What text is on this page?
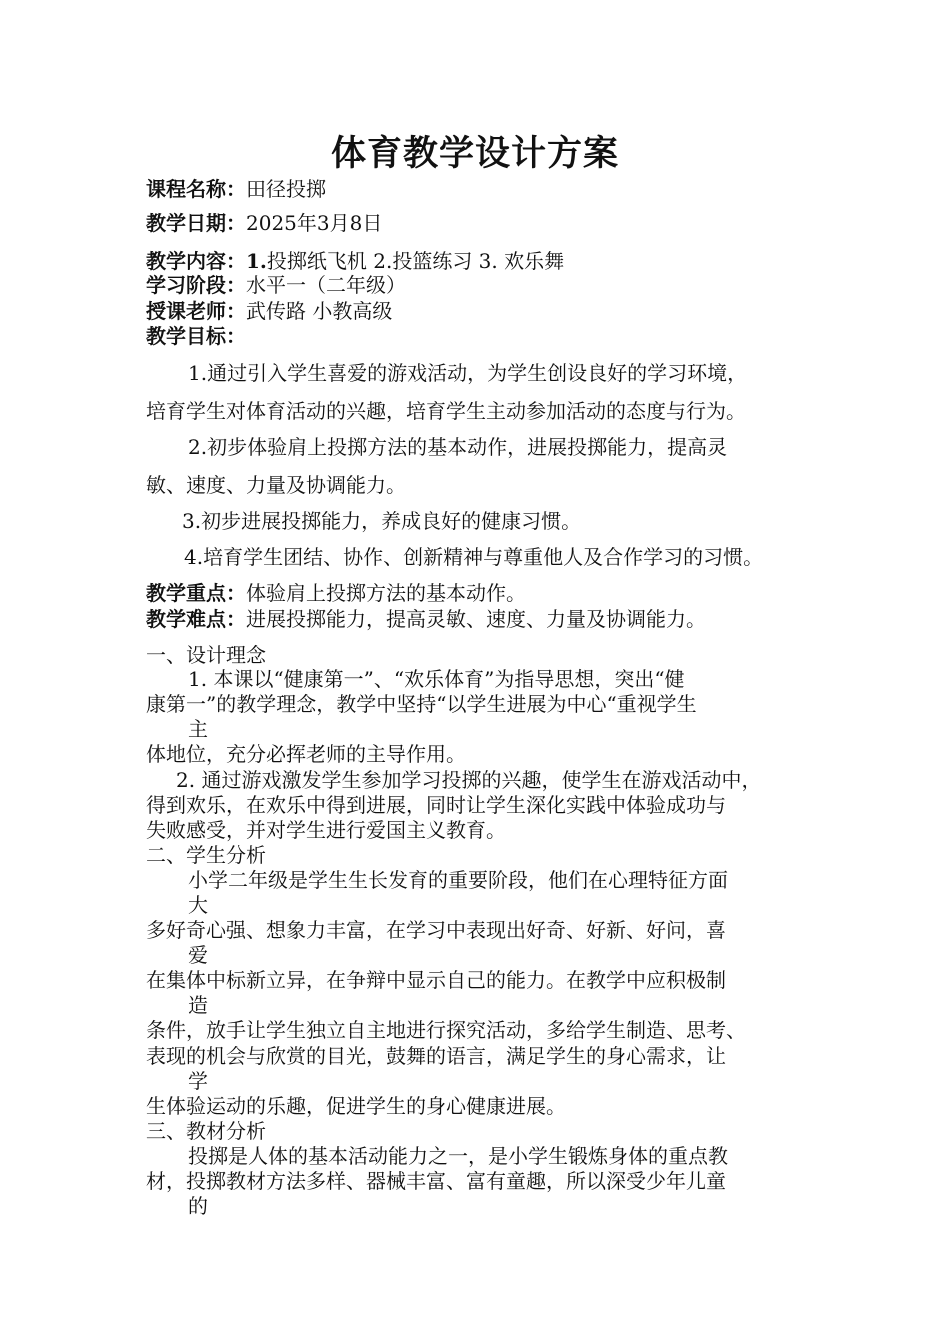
体育教学设计方案
课程名称：田径投掷
教学日期：2025年3月8日
教学内容：1.投掷纸飞机 2.投篮练习 3. 欢乐舞
学习阶段：水平一（二年级）
授课老师：武传路 小教高级
教学目标：
1.通过引入学生喜爱的游戏活动，为学生创设良好的学习环境，
培育学生对体育活动的兴趣，培育学生主动参加活动的态度与行为。
2.初步体验肩上投掷方法的基本动作，进展投掷能力，提高灵
敏、速度、力量及协调能力。
3.初步进展投掷能力，养成良好的健康习惯。
4.培育学生团结、协作、创新精神与尊重他人及合作学习的习惯。
教学重点：体验肩上投掷方法的基本动作。
教学难点：进展投掷能力，提高灵敏、速度、力量及协调能力。
一、设计理念
1. 本课以“健康第一”、“欢乐体育”为指导思想，突出“健
康第一”的教学理念，教学中坚持“以学生进展为中心“重视学生
主
体地位，充分必挥老师的主导作用。
2. 通过游戏激发学生参加学习投掷的兴趣，使学生在游戏活动中，
得到欢乐，在欢乐中得到进展，同时让学生深化实践中体验成功与
失败感受，并对学生进行爱国主义教育。
二、学生分析
小学二年级是学生生长发育的重要阶段，他们在心理特征方面
大
多好奇心强、想象力丰富，在学习中表现出好奇、好新、好问，喜
爱
在集体中标新立异，在争辩中显示自己的能力。在教学中应积极制
造
条件，放手让学生独立自主地进行探究活动，多给学生制造、思考、
表现的机会与欣赏的目光，鼓舞的语言，满足学生的身心需求，让
学
生体验运动的乐趣，促进学生的身心健康进展。
三、教材分析
投掷是人体的基本活动能力之一，是小学生锻炼身体的重点教
材，投掷教材方法多样、器械丰富、富有童趣，所以深受少年儿童
的
